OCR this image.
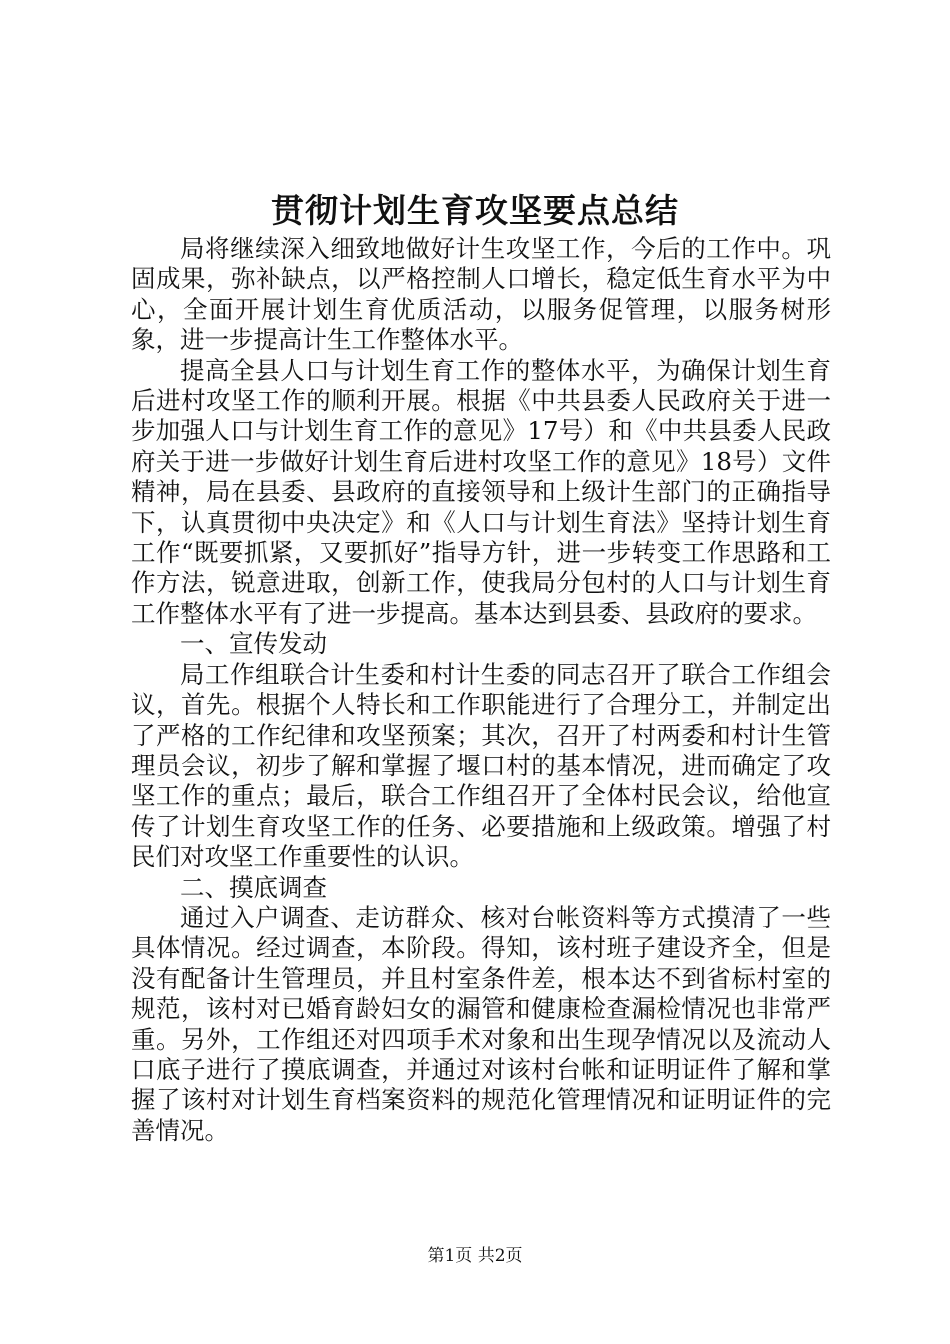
贯彻计划生育攻坚要点总结

局将继续深入细致地做好计生攻坚工作，今后的工作中。巩固成果，弥补缺点，以严格控制人口增长，稳定低生育水平为中心，全面开展计划生育优质活动，以服务促管理，以服务树形象，进一步提高计生工作整体水平。

提高全县人口与计划生育工作的整体水平，为确保计划生育后进村攻坚工作的顺利开展。根据《中共县委人民政府关于进一步加强人口与计划生育工作的意见》17号）和《中共县委人民政府关于进一步做好计划生育后进村攻坚工作的意见》18号）文件精神，局在县委、县政府的直接领导和上级计生部门的正确指导下，认真贯彻中央决定》和《人口与计划生育法》坚持计划生育工作“既要抓紧，又要抓好”指导方针，进一步转变工作思路和工作方法，锐意进取，创新工作，使我局分包村的人口与计划生育工作整体水平有了进一步提高。基本达到县委、县政府的要求。

一、宣传发动

局工作组联合计生委和村计生委的同志召开了联合工作组会议，首先。根据个人特长和工作职能进行了合理分工，并制定出了严格的工作纪律和攻坚预案；其次，召开了村两委和村计生管理员会议，初步了解和掌握了堰口村的基本情况，进而确定了攻坚工作的重点；最后，联合工作组召开了全体村民会议，给他宣传了计划生育攻坚工作的任务、必要措施和上级政策。增强了村民们对攻坚工作重要性的认识。

二、摸底调查

通过入户调查、走访群众、核对台帐资料等方式摸清了一些具体情况。经过调查，本阶段。得知，该村班子建设齐全，但是没有配备计生管理员，并且村室条件差，根本达不到省标村室的规范，该村对已婚育龄妇女的漏管和健康检查漏检情况也非常严重。另外，工作组还对四项手术对象和出生现孕情况以及流动人口底子进行了摸底调查，并通过对该村台帐和证明证件了解和掌握了该村对计划生育档案资料的规范化管理情况和证明证件的完善情况。

第1页 共2页
